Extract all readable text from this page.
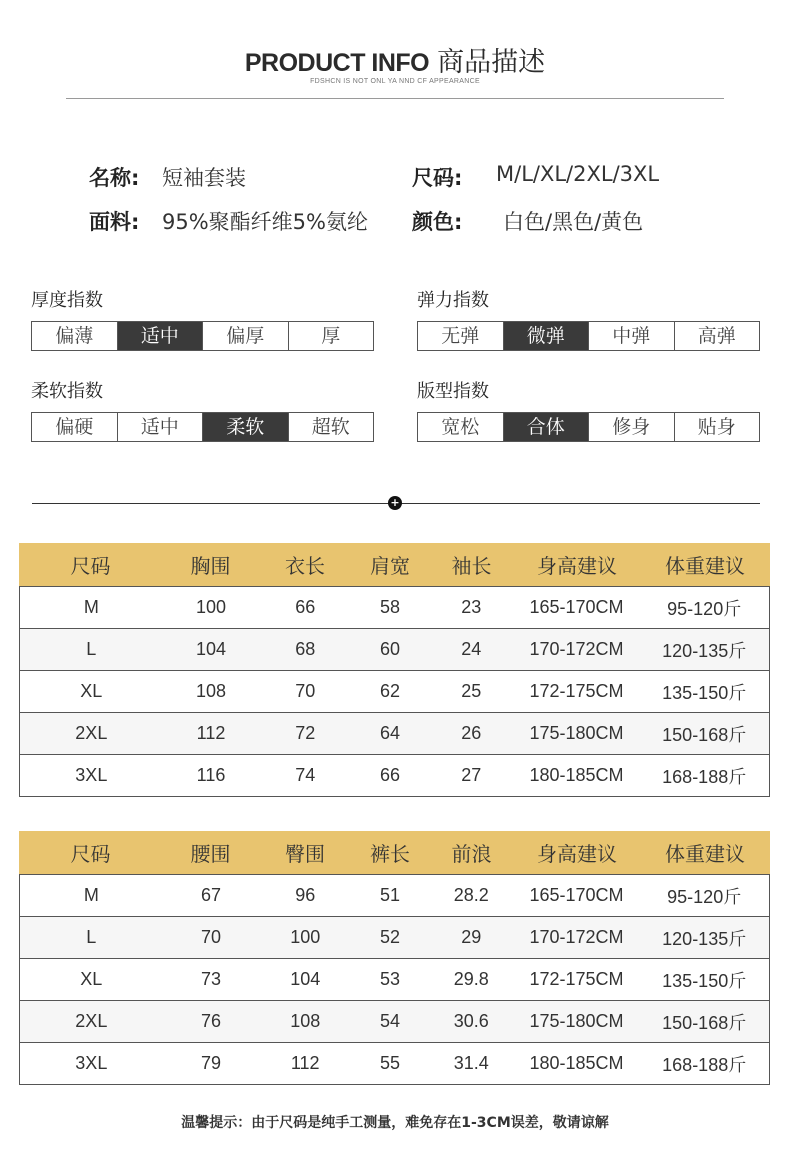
PRODUCT INFO 商品描述
FDSHCN IS NOT ONL YA NND CF APPEARANCE
名称: 短袖套装	尺码: M/L/XL/2XL/3XL
面料: 95%聚酯纤维5%氨纶 颜色: 白色/黑色/黄色
厚度指数
偏薄	适中	偏厚	厚
弹力指数
无弹	微弹	中弹	高弹
柔软指数
偏硬	适中	柔软	超软
版型指数
宽松	合体	修身	贴身
+
尺码	胸围	衣长	肩宽	袖长	身高建议	体重建议
M	100	66	58	23	165-170CM	95-120斤
L	104	68	60	24	170-172CM	120-135斤
XL	108	70	62	25	172-175CM	135-150斤
2XL	112	72	64	26	175-180CM	150-168斤
3XL	116	74	66	27	180-185CM	168-188斤
尺码	腰围	臀围	裤长	前浪	身高建议	体重建议
M	67	96	51	28.2	165-170CM	95-120斤
L	70	100	52	29	170-172CM	120-135斤
XL	73	104	53	29.8	172-175CM	135-150斤
2XL	76	108	54	30.6	175-180CM	150-168斤
3XL	79	112	55	31.4	180-185CM	168-188斤
温馨提示：由于尺码是纯手工测量，难免存在1-3CM误差，敬请谅解
